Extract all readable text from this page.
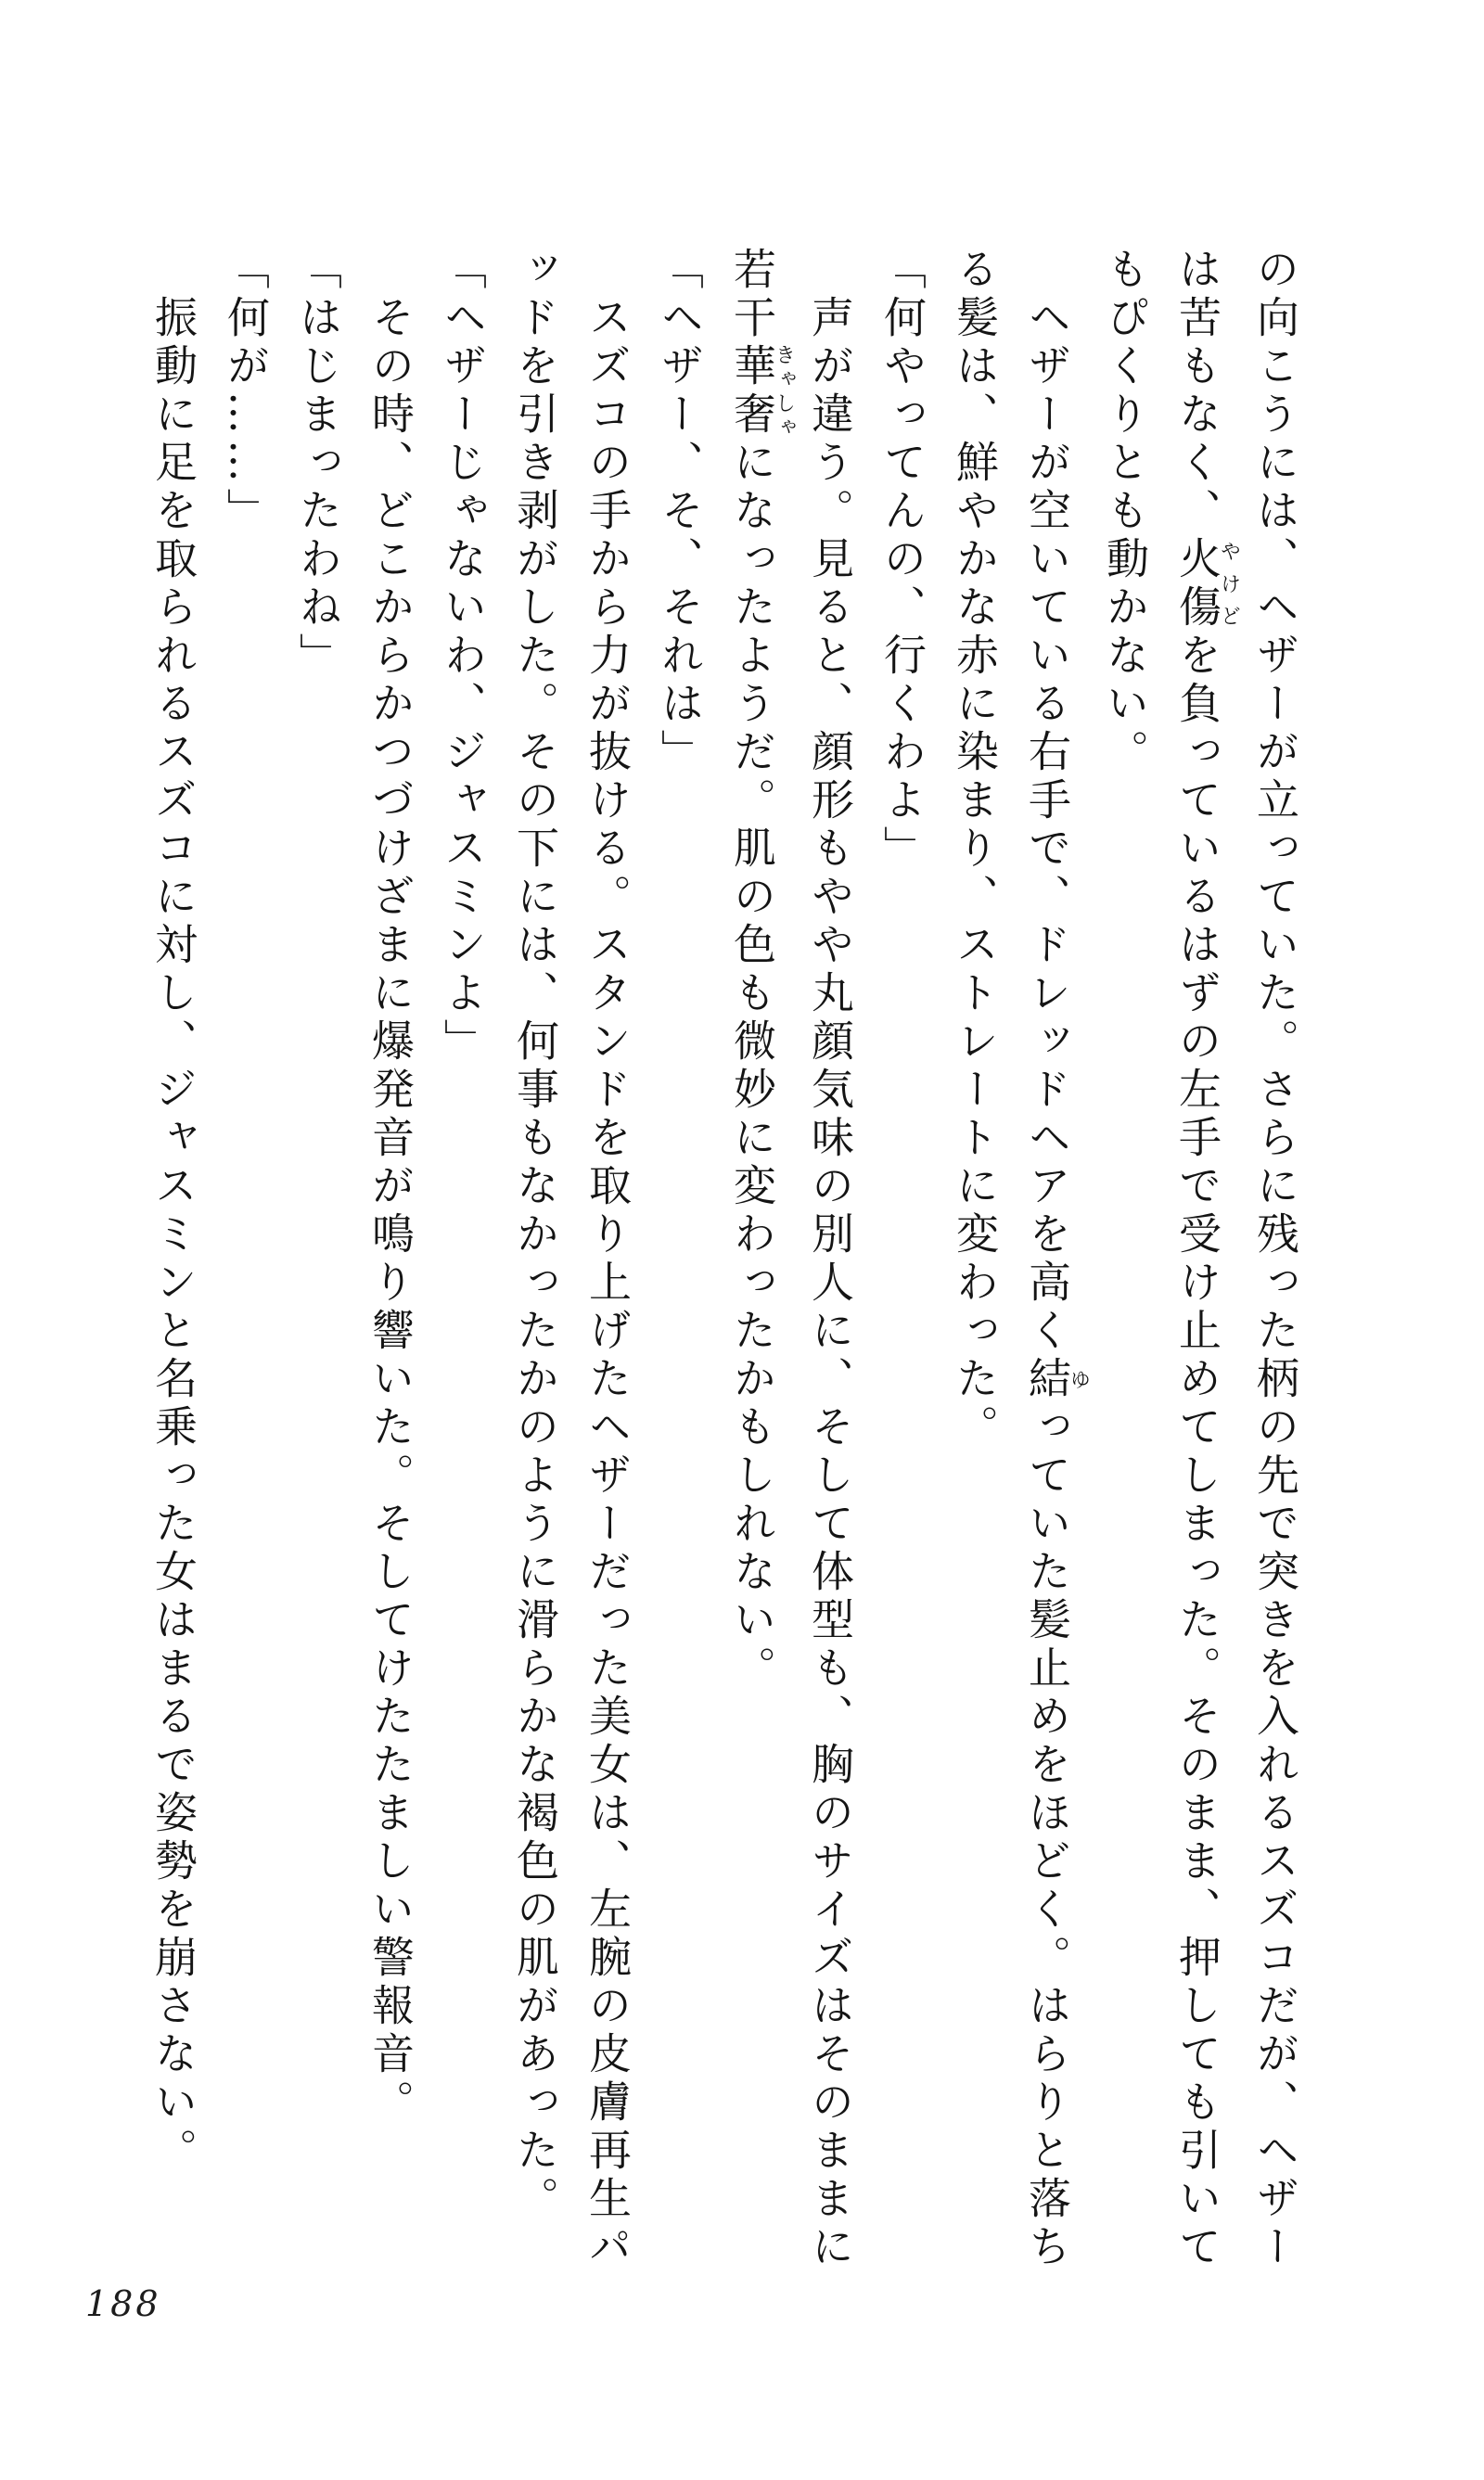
の向こうには、ヘザーが立っていた。さらに残った柄の先で突きを入れるスズコだが、ヘザー
は苦もなく、火傷やけどを負っているはずの左手で受け止めてしまった。そのまま、押しても引いて
もぴくりとも動かない。
ヘザーが空いている右手で、ドレッドヘアを高く結ゆっていた髪止めをほどく。はらりと落ち
る髪は、鮮やかな赤に染まり、ストレートに変わった。
「何やってんの、行くわよ」
声が違う。見ると、顔形もやや丸顔気味の別人に、そして体型も、胸のサイズはそのままに
若干華奢きゃしゃになったようだ。肌の色も微妙に変わったかもしれない。
「ヘザー、そ、それは」
スズコの手から力が抜ける。スタンドを取り上げたヘザーだった美女は、左腕の皮膚再生パ
ッドを引き剥がした。その下には、何事もなかったかのように滑らかな褐色の肌があった。
「ヘザーじゃないわ、ジャスミンよ」
その時、どこからかつづけざまに爆発音が鳴り響いた。そしてけたたましい警報音。
「はじまったわね」
「何が……」
振動に足を取られるスズコに対し、ジャスミンと名乗った女はまるで姿勢を崩さない。
188
